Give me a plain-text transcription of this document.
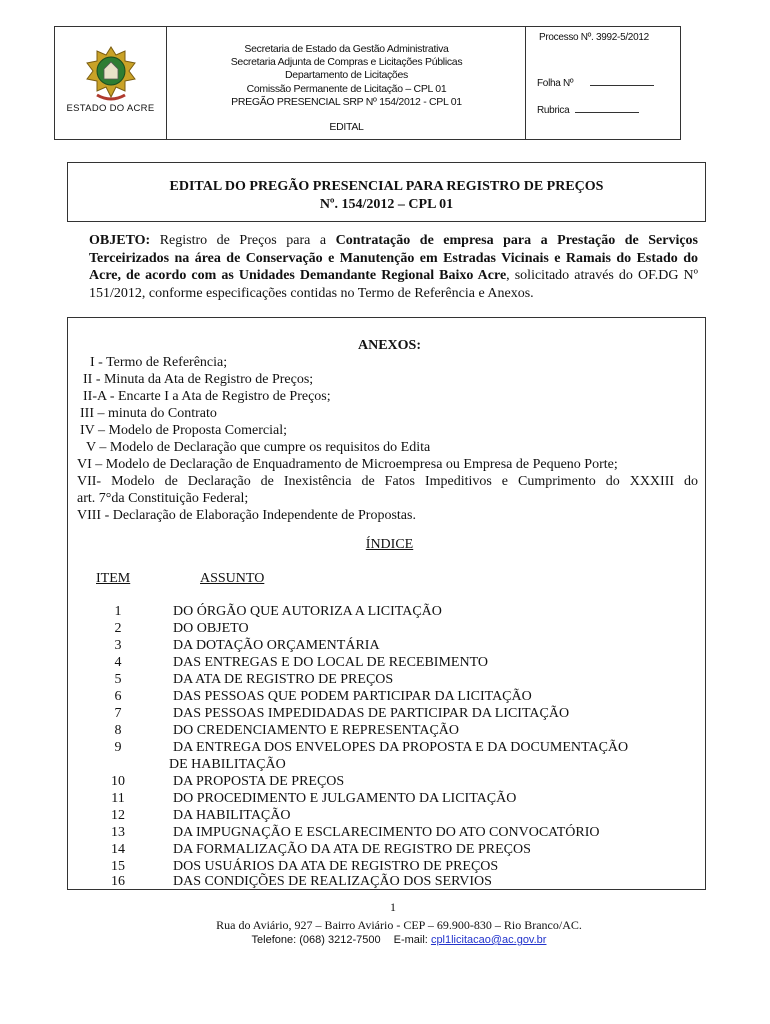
ESTADO DO ACRE
Secretaria de Estado da Gestão Administrativa
Secretaria Adjunta de Compras e Licitações Públicas
Departamento de Licitações
Comissão Permanente de Licitação – CPL 01
PREGÃO PRESENCIAL SRP Nº 154/2012 - CPL 01
EDITAL
Processo Nº. 3992-5/2012
Folha Nº
Rubrica
EDITAL DO PREGÃO PRESENCIAL PARA REGISTRO DE PREÇOS
Nº. 154/2012 – CPL 01
OBJETO: Registro de Preços para a Contratação de empresa para a Prestação de Serviços Terceirizados na área de Conservação e Manutenção em Estradas Vicinais e Ramais do Estado do Acre, de acordo com as Unidades Demandante Regional Baixo Acre, solicitado através do OF.DG Nº 151/2012, conforme especificações contidas no Termo de Referência e Anexos.
ANEXOS:
I - Termo de Referência;
II - Minuta da Ata de Registro de Preços;
II-A - Encarte I a Ata de Registro de Preços;
III – minuta do Contrato
IV – Modelo de Proposta Comercial;
V – Modelo de Declaração que cumpre os requisitos do Edita
VI – Modelo de Declaração de Enquadramento de Microempresa ou Empresa de Pequeno Porte;
VII- Modelo de Declaração de Inexistência de Fatos Impeditivos e Cumprimento do XXXIII do
art. 7°da Constituição Federal;
VIII - Declaração de Elaboração Independente de Propostas.
ÍNDICE
ITEM	ASSUNTO
1	DO ÓRGÃO QUE AUTORIZA A LICITAÇÃO
2	DO OBJETO
3	DA DOTAÇÃO ORÇAMENTÁRIA
4	DAS ENTREGAS E DO LOCAL DE RECEBIMENTO
5	DA ATA DE REGISTRO DE PREÇOS
6	DAS PESSOAS QUE PODEM PARTICIPAR DA LICITAÇÃO
7	DAS PESSOAS IMPEDIDADAS DE PARTICIPAR DA LICITAÇÃO
8	DO CREDENCIAMENTO E REPRESENTAÇÃO
9	DA ENTREGA DOS ENVELOPES DA PROPOSTA E DA DOCUMENTAÇÃO
DE HABILITAÇÃO
10	DA PROPOSTA DE PREÇOS
11	DO PROCEDIMENTO E JULGAMENTO DA LICITAÇÃO
12	DA HABILITAÇÃO
13	DA IMPUGNAÇÃO E ESCLARECIMENTO DO ATO CONVOCATÓRIO
14	DA FORMALIZAÇÃO DA ATA DE REGISTRO DE PREÇOS
15	DOS USUÁRIOS DA ATA DE REGISTRO DE PREÇOS
16	DAS CONDIÇÕES DE REALIZAÇÃO DOS SERVIOS
1
Rua do Aviário, 927 – Bairro Aviário - CEP – 69.900-830 – Rio Branco/AC.
Telefone: (068) 3212-7500 E-mail: cpl1licitacao@ac.gov.br
